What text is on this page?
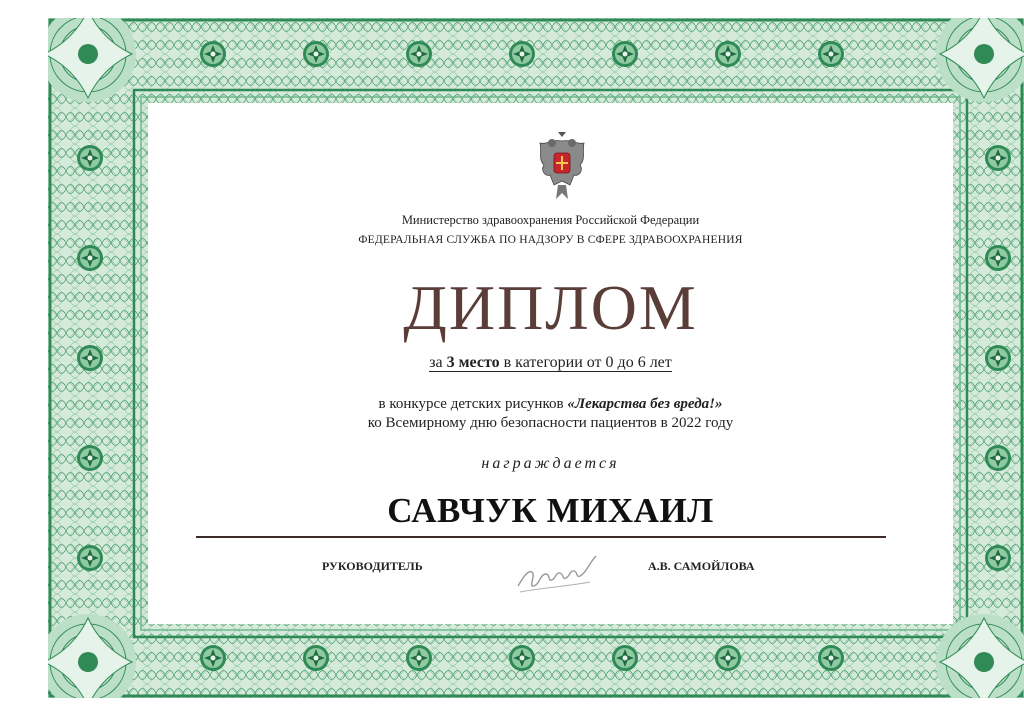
Министерство здравоохранения Российской Федерации
ФЕДЕРАЛЬНАЯ СЛУЖБА ПО НАДЗОРУ В СФЕРЕ ЗДРАВООХРАНЕНИЯ
ДИПЛОМ
за 3 место в категории от 0 до 6 лет
в конкурсе детских рисунков «Лекарства без вреда!»
ко Всемирному дню безопасности пациентов в 2022 году
награждается
САВЧУК МИХАИЛ
РУКОВОДИТЕЛЬ	А.В. САМОЙЛОВА
